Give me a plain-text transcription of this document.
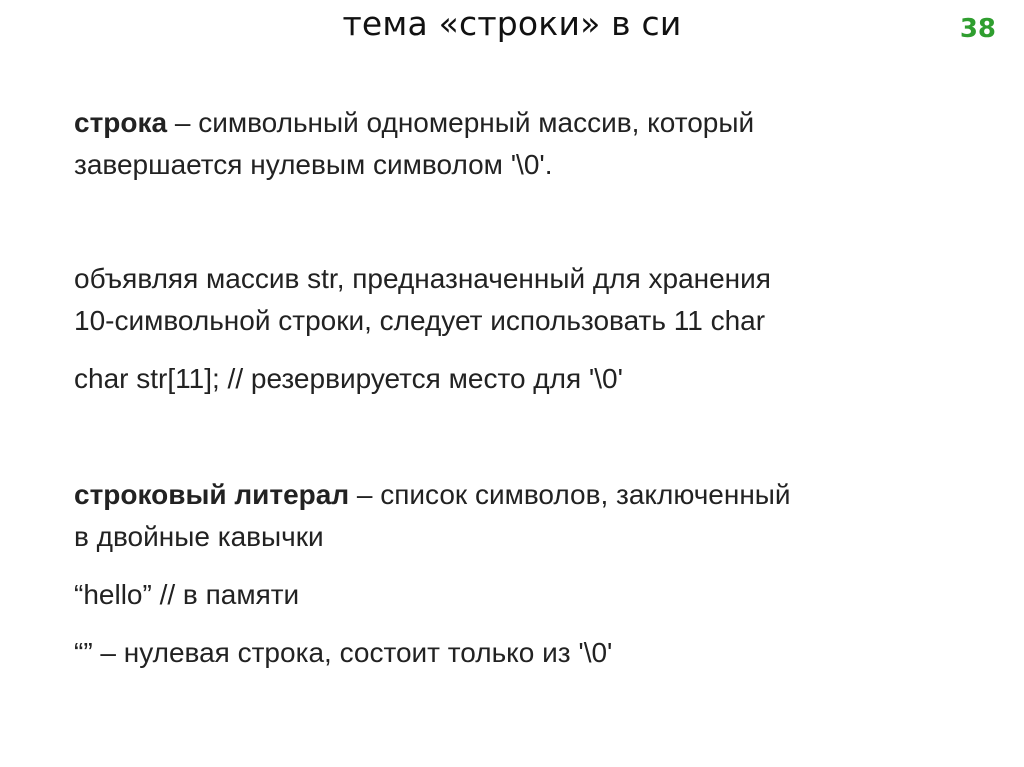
тема «строки» в си	38
строка – символьный одномерный массив, который
завершается нулевым символом '\0'.
объявляя массив str, предназначенный для хранения
10-символьной строки, следует использовать 11 char
char str[11]; // резервируется место для '\0'
строковый литерал – список символов, заключенный
в двойные кавычки
“hello” // в памяти
“” – нулевая строка, состоит только из '\0'
